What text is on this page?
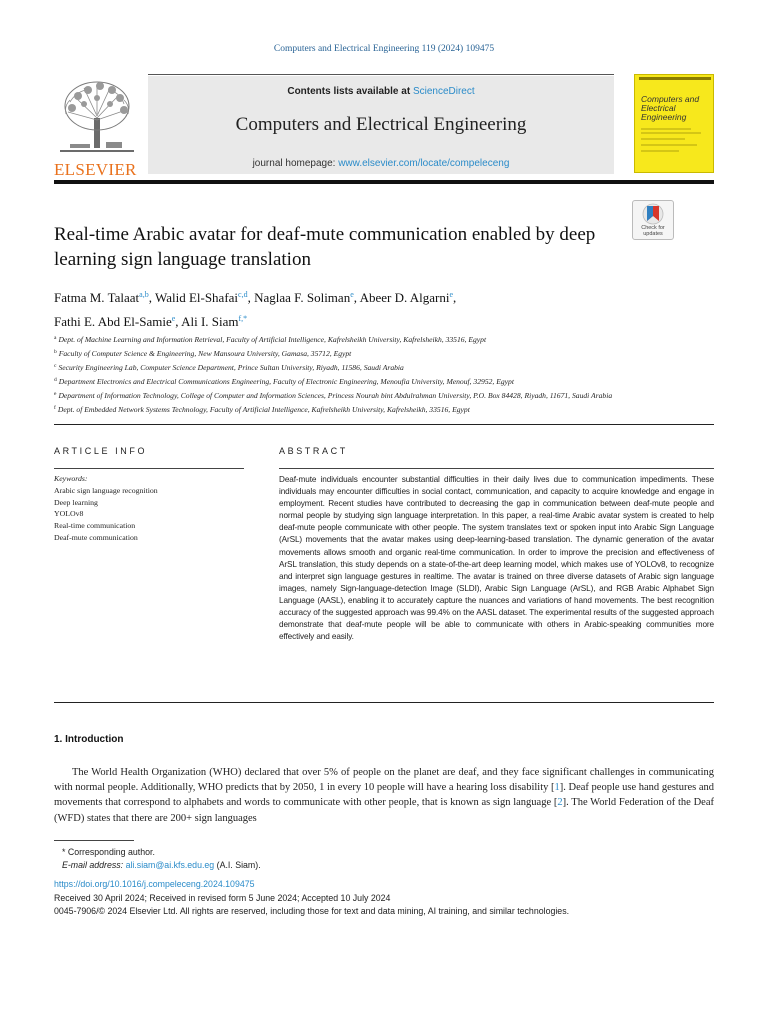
Computers and Electrical Engineering 119 (2024) 109475
ELSEVIER
Contents lists available at ScienceDirect
Computers and Electrical Engineering
journal homepage: www.elsevier.com/locate/compeleceng
Computers and
Electrical Engineering
Check for
updates
Real-time Arabic avatar for deaf-mute communication enabled by deep learning sign language translation
Fatma M. Talaat$^{a,b}$, Walid El-Shafai$^{c,d}$, Naglaa F. Soliman$^e$, Abeer D. Algarni$^e$,
Fathi E. Abd El-Samie$^e$, Ali I. Siam$^{f,*}$
$^a$ Dept. of Machine Learning and Information Retrieval, Faculty of Artificial Intelligence, Kafrelsheikh University, Kafrelsheikh, 33516, Egypt
$^b$ Faculty of Computer Science & Engineering, New Mansoura University, Gamasa, 35712, Egypt
$^c$ Security Engineering Lab, Computer Science Department, Prince Sultan University, Riyadh, 11586, Saudi Arabia
$^d$ Department Electronics and Electrical Communications Engineering, Faculty of Electronic Engineering, Menoufia University, Menouf, 32952, Egypt
$^e$ Department of Information Technology, College of Computer and Information Sciences, Princess Nourah bint Abdulrahman University, P.O. Box 84428, Riyadh, 11671, Saudi Arabia
$^f$ Dept. of Embedded Network Systems Technology, Faculty of Artificial Intelligence, Kafrelsheikh University, Kafrelsheikh, 33516, Egypt
ARTICLE INFO	ABSTRACT
Keywords:
Arabic sign language recognition
Deep learning
YOLOv8
Real-time communication
Deaf-mute communication

Deaf-mute individuals encounter substantial difficulties in their daily lives due to communication impediments. These individuals may encounter difficulties in social contact, communication, and capacity to acquire knowledge and engage in employment. Recent studies have contributed to decreasing the gap in communication between deaf-mute people and normal people by studying sign language interpretation. In this paper, a real-time Arabic avatar system is created to help deaf-mute people communicate with other people. The system translates text or spoken input into Arabic Sign Language (ArSL) movements that the avatar makes using deep-learning-based translation. The dynamic generation of the avatar movements allows smooth and organic real-time communication. In order to improve the precision and effectiveness of ArSL translation, this study depends on a state-of-the-art deep learning model, which makes use of YOLOv8, to recognize and interpret sign language gestures in realtime. The avatar is trained on three diverse datasets of Arabic sign language images, namely Sign-language-detection Image (SLDI), Arabic Sign Language (ArSL), and RGB Arabic Alphabet Sign Language (AASL), enabling it to accurately capture the nuances and variations of hand movements. The best recognition accuracy of the suggested approach was 99.4% on the AASL dataset. The experimental results of the suggested approach demonstrate that deaf-mute people will be able to communicate with others in Arabic-speaking communities more effectively and easily.

1. Introduction

The World Health Organization (WHO) declared that over 5% of people on the planet are deaf, and they face significant challenges in communicating with normal people. Additionally, WHO predicts that by 2050, 1 in every 10 people will have a hearing loss disability [1]. Deaf people use hand gestures and movements that correspond to alphabets and words to communicate with other people, that is known as sign language [2]. The World Federation of the Deaf (WFD) states that there are 200+ sign languages

* Corresponding author.
E-mail address: ali.siam@ai.kfs.edu.eg (A.I. Siam).
https://doi.org/10.1016/j.compeleceng.2024.109475
Received 30 April 2024; Received in revised form 5 June 2024; Accepted 10 July 2024
0045-7906/© 2024 Elsevier Ltd. All rights are reserved, including those for text and data mining, AI training, and similar technologies.
